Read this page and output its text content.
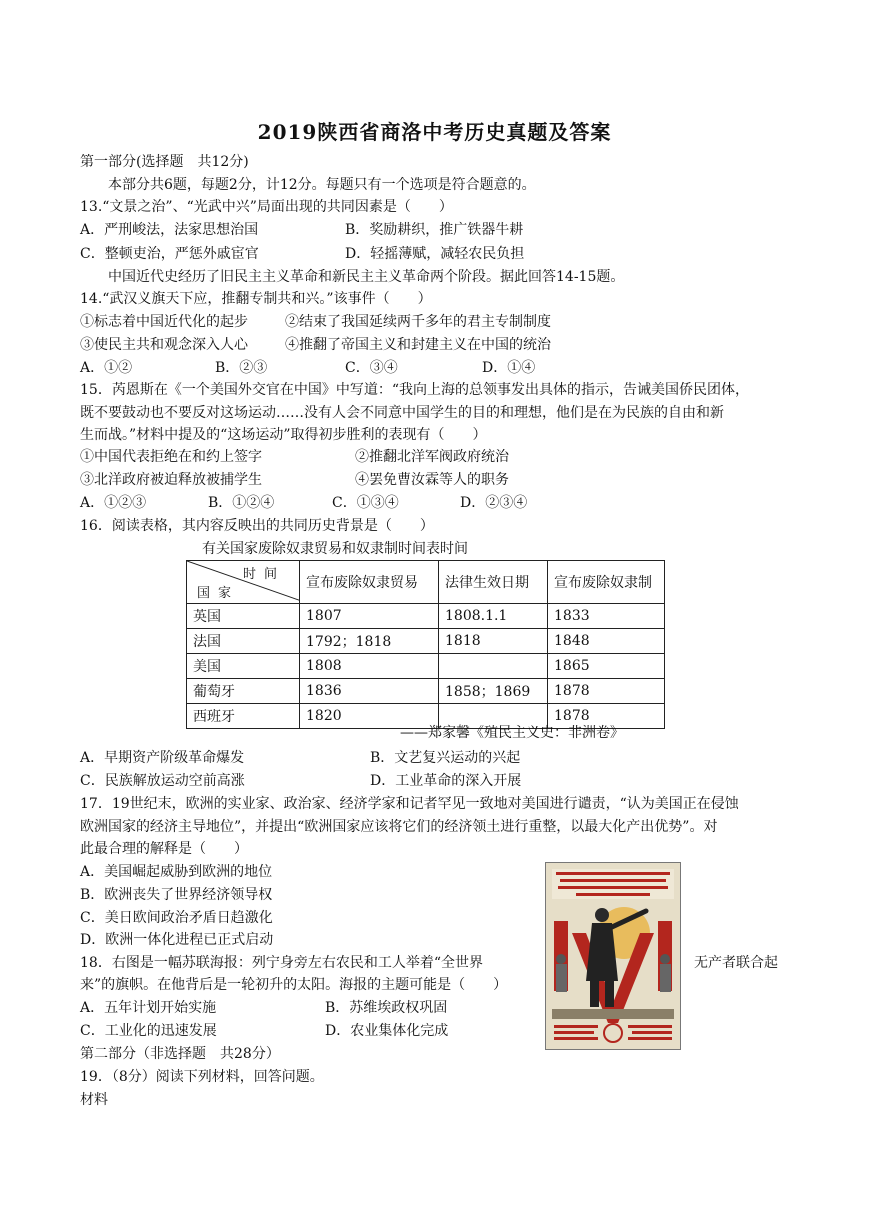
2019陕西省商洛中考历史真题及答案
第一部分(选择题　共12分)
本部分共6题，每题2分，计12分。每题只有一个选项是符合题意的。
13.“文景之治”、“光武中兴”局面出现的共同因素是（　　）
A．严刑峻法，法家思想治国	B．奖励耕织，推广铁器牛耕
C．整顿吏治，严惩外戚宦官	D．轻摇薄赋，减轻农民负担
中国近代史经历了旧民主主义革命和新民主主义革命两个阶段。据此回答14-15题。
14.“武汉义旗天下应，推翻专制共和兴。”该事件（　　）
①标志着中国近代化的起步	②结束了我国延续两千多年的君主专制制度
③使民主共和观念深入人心	④推翻了帝国主义和封建主义在中国的统治
A．①②	B．②③	C．③④	D．①④
15．芮恩斯在《一个美国外交官在中国》中写道：“我向上海的总领事发出具体的指示，告诫美国侨民团体，
既不要鼓动也不要反对这场运动……没有人会不同意中国学生的目的和理想，他们是在为民族的自由和新
生而战。”材料中提及的“这场运动”取得初步胜利的表现有（　　）
①中国代表拒绝在和约上签字	②推翻北洋军阀政府统治
③北洋政府被迫释放被捕学生	④罢免曹汝霖等人的职务
A．①②③	B．①②④	C．①③④	D．②③④
16．阅读表格，其内容反映出的共同历史背景是（　　）
有关国家废除奴隶贸易和奴隶制时间表时间
时间
国家	宣布废除奴隶贸易	法律生效日期	宣布废除奴隶制
英国	1807	1808.1.1	1833
法国	1792；1818	1818	1848
美国	1808		1865
葡萄牙	1836	1858；1869	1878
西班牙	1820		1878
——郑家馨《殖民主义史：非洲卷》
A．早期资产阶级革命爆发	B．文艺复兴运动的兴起
C．民族解放运动空前高涨	D．工业革命的深入开展
17．19世纪末，欧洲的实业家、政治家、经济学家和记者罕见一致地对美国进行谴责，“认为美国正在侵蚀
欧洲国家的经济主导地位”，并提出“欧洲国家应该将它们的经济领土进行重整，以最大化产出优势”。对
此最合理的解释是（　　）
A．美国崛起威胁到欧洲的地位
B．欧洲丧失了世界经济领导权
C．美日欧间政治矛盾日趋激化
D．欧洲一体化进程已正式启动
18．右图是一幅苏联海报：列宁身旁左右农民和工人举着“全世界	无产者联合起
来”的旗帜。在他背后是一轮初升的太阳。海报的主题可能是（　　）
A．五年计划开始实施	B．苏维埃政权巩固
C．工业化的迅速发展	D．农业集体化完成
第二部分（非选择题　共28分）
19．（8分）阅读下列材料，回答问题。
材料
